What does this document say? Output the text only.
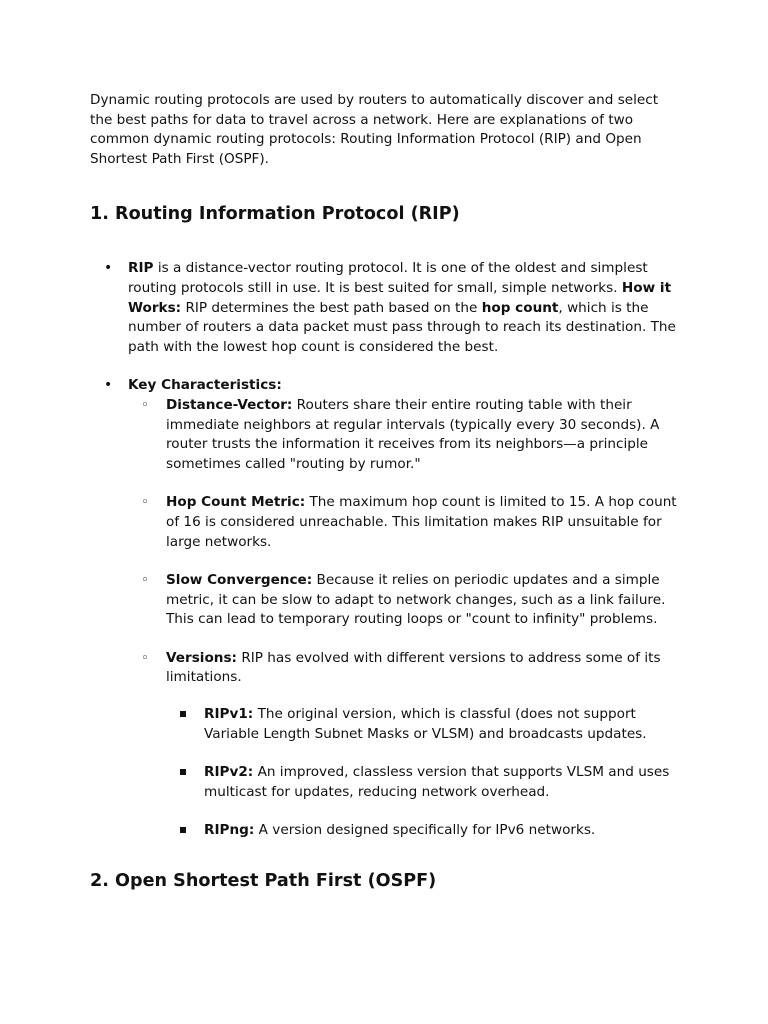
Dynamic routing protocols are used by routers to automatically discover and select the best paths for data to travel across a network. Here are explanations of two common dynamic routing protocols: Routing Information Protocol (RIP) and Open Shortest Path First (OSPF).

1. Routing Information Protocol (RIP)
• RIP is a distance-vector routing protocol. It is one of the oldest and simplest routing protocols still in use. It is best suited for small, simple networks. How it Works: RIP determines the best path based on the hop count, which is the number of routers a data packet must pass through to reach its destination. The path with the lowest hop count is considered the best.
• Key Characteristics:
◦ Distance-Vector: Routers share their entire routing table with their immediate neighbors at regular intervals (typically every 30 seconds). A router trusts the information it receives from its neighbors—a principle sometimes called "routing by rumor."
◦ Hop Count Metric: The maximum hop count is limited to 15. A hop count of 16 is considered unreachable. This limitation makes RIP unsuitable for large networks.
◦ Slow Convergence: Because it relies on periodic updates and a simple metric, it can be slow to adapt to network changes, such as a link failure. This can lead to temporary routing loops or "count to infinity" problems.
◦ Versions: RIP has evolved with different versions to address some of its limitations.
RIPv1: The original version, which is classful (does not support Variable Length Subnet Masks or VLSM) and broadcasts updates.
RIPv2: An improved, classless version that supports VLSM and uses multicast for updates, reducing network overhead.
RIPng: A version designed specifically for IPv6 networks.
2. Open Shortest Path First (OSPF)
